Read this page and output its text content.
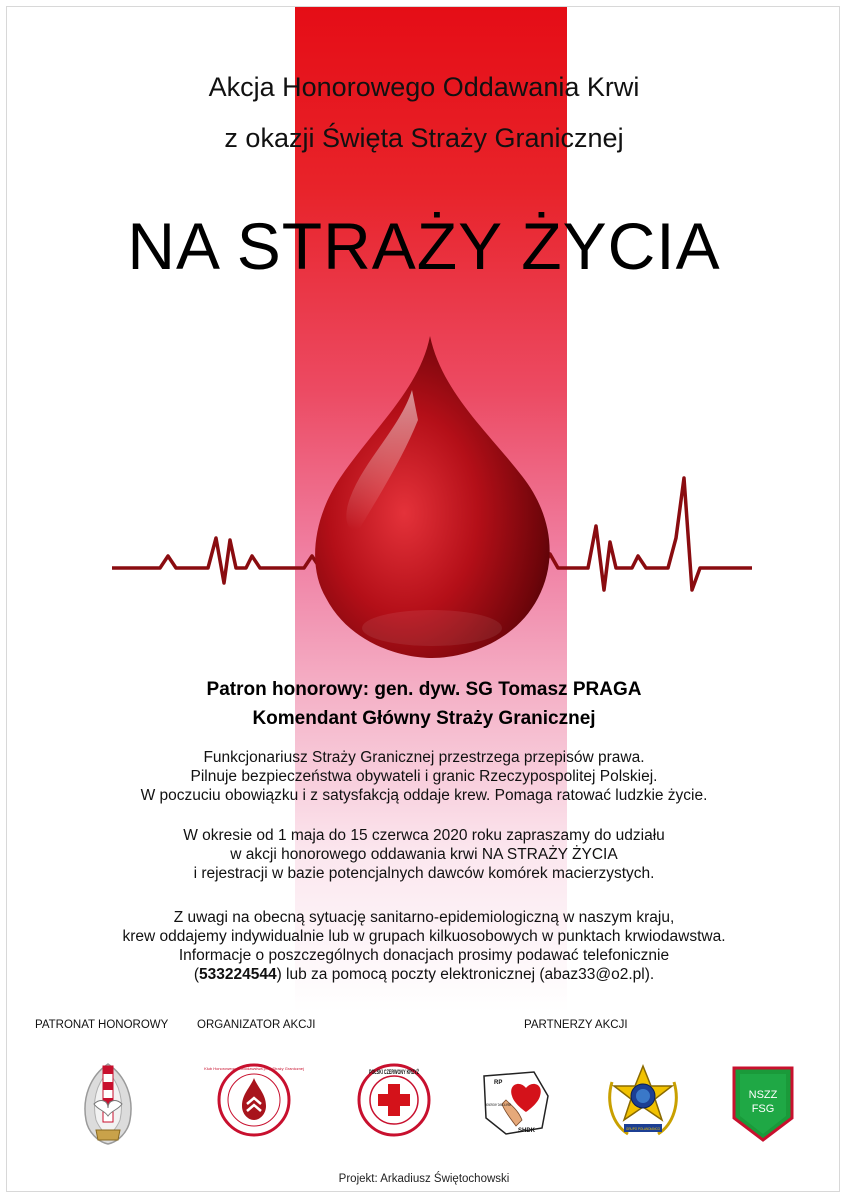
Akcja Honorowego Oddawania Krwi
z okazji Święta Straży Granicznej
NA STRAŻY ŻYCIA
Patron honorowy: gen. dyw. SG Tomasz PRAGA
Komendant Główny Straży Granicznej
Funkcjonariusz Straży Granicznej przestrzega przepisów prawa.
Pilnuje bezpieczeństwa obywateli i granic Rzeczypospolitej Polskiej.
W poczuciu obowiązku i z satysfakcją oddaje krew. Pomaga ratować ludzkie życie.
W okresie od 1 maja do 15 czerwca 2020 roku zapraszamy do udziału
w akcji honorowego oddawania krwi NA STRAŻY ŻYCIA
i rejestracji w bazie potencjalnych dawców komórek macierzystych.
Z uwagi na obecną sytuację sanitarno-epidemiologiczną w naszym kraju,
krew oddajemy indywidualnie lub w grupach kilkuosobowych w punktach krwiodawstwa.
Informacje o poszczególnych donacjach prosimy podawać telefonicznie
(533224544) lub za pomocą poczty elektronicznej (abaz33@o2.pl).
PATRONAT HONOROWY ORGANIZATOR AKCJI	PARTNERZY AKCJI
Klub Honorowego Krwiodawstwa przy Straży Granicznej
POLSKI CZERWONY KRZYŻ
RP
HONOROWY DAWCA KRWI
SHDK	GRUPO POLANDIANCO
NSZZ
FSG
Projekt: Arkadiusz Świętochowski
